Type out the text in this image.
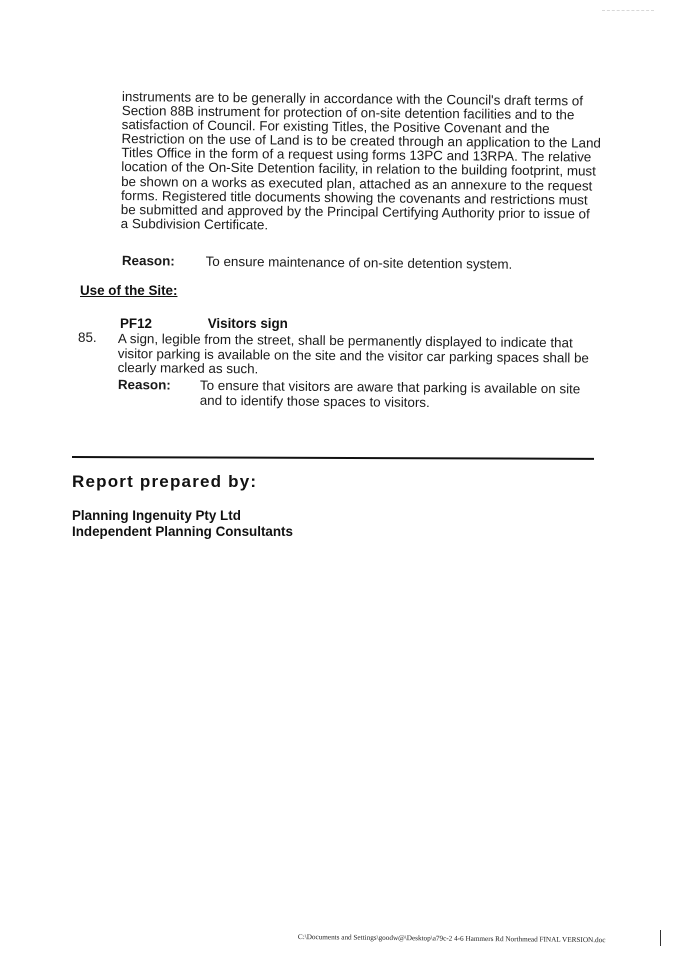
instruments are to be generally in accordance with the Council's draft terms of Section 88B instrument for protection of on-site detention facilities and to the satisfaction of Council. For existing Titles, the Positive Covenant and the Restriction on the use of Land is to be created through an application to the Land Titles Office in the form of a request using forms 13PC and 13RPA. The relative location of the On-Site Detention facility, in relation to the building footprint, must be shown on a works as executed plan, attached as an annexure to the request forms. Registered title documents showing the covenants and restrictions must be submitted and approved by the Principal Certifying Authority prior to issue of a Subdivision Certificate.
Reason: To ensure maintenance of on-site detention system.
Use of the Site:
PF12	Visitors sign
85. A sign, legible from the street, shall be permanently displayed to indicate that visitor parking is available on the site and the visitor car parking spaces shall be clearly marked as such.
Reason:	To ensure that visitors are aware that parking is available on site and to identify those spaces to visitors.
Report prepared by:
Planning Ingenuity Pty Ltd
Independent Planning Consultants
C:\Documents and Settings\goodw@\Desktop\a79c-2 4-6 Hammers Rd Northmead FINAL VERSION.doc
